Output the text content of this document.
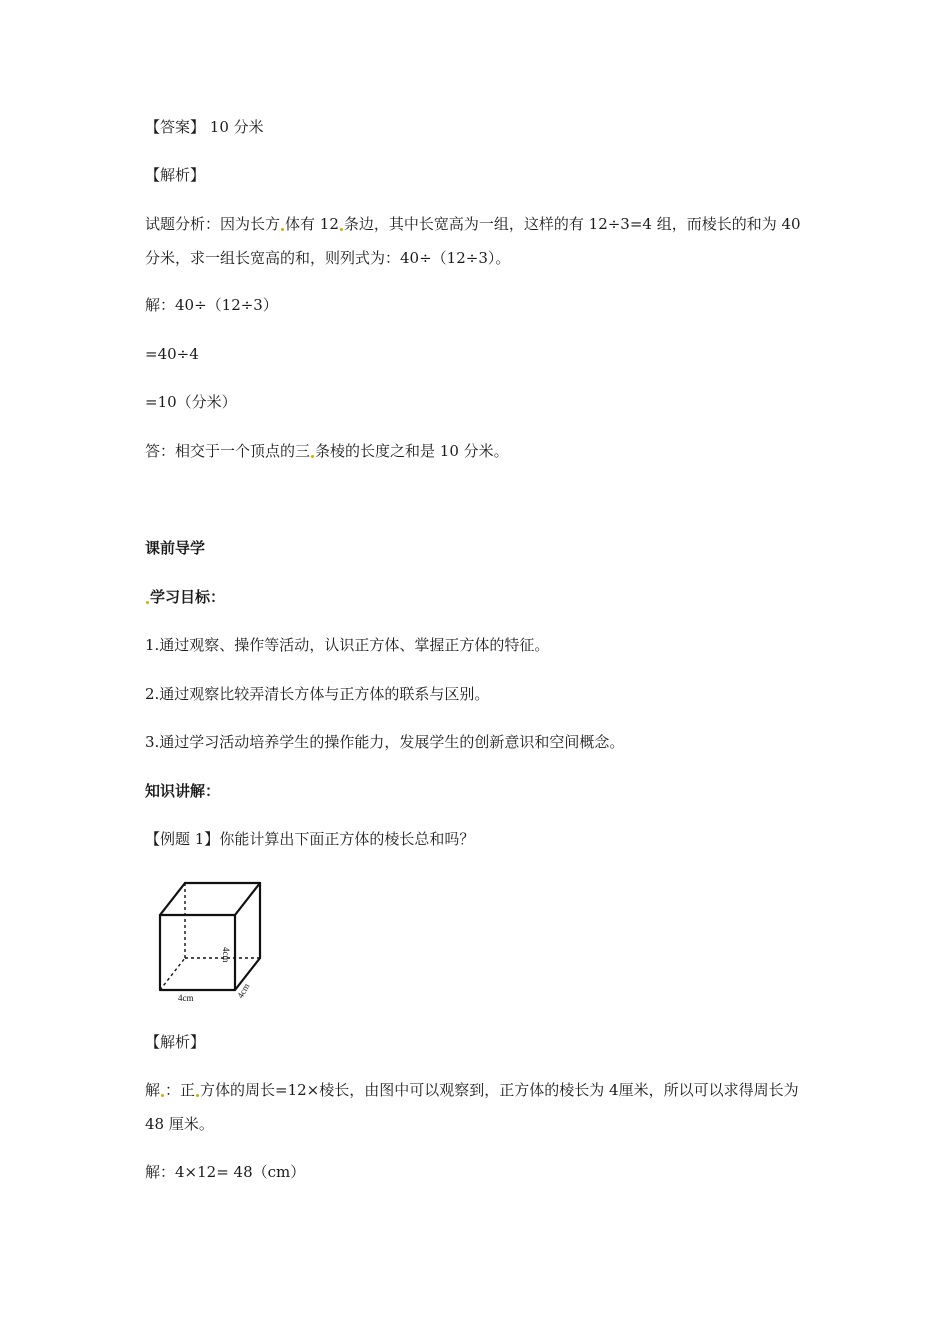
【答案】 10 分米
【解析】
试题分析：因为长方 体有 12 条边，其中长宽高为一组，这样的有 12÷3=4 组，而棱长的和为 40 分米，求一组长宽高的和，则列式为：40÷（12÷3）。
解：40÷（12÷3）
=40÷4
=10（分米）
答：相交于一个顶点的三 条棱的长度之和是 10 分米。
课前导学
学习目标：
1.通过观察、操作等活动，认识正方体、掌握正方体的特征。
2.通过观察比较弄清长方体与正方体的联系与区别。
3.通过学习活动培养学生的操作能力，发展学生的创新意识和空间概念。
知识讲解：
【例题 1】你能计算出下面正方体的棱长总和吗？
4cm
4cm
4cm
【解析】
解 ：正 方体的周长=12×棱长，由图中可以观察到，正方体的棱长为 4厘米，所以可以求得周长为 48 厘米。
解：4×12= 48（cm）
